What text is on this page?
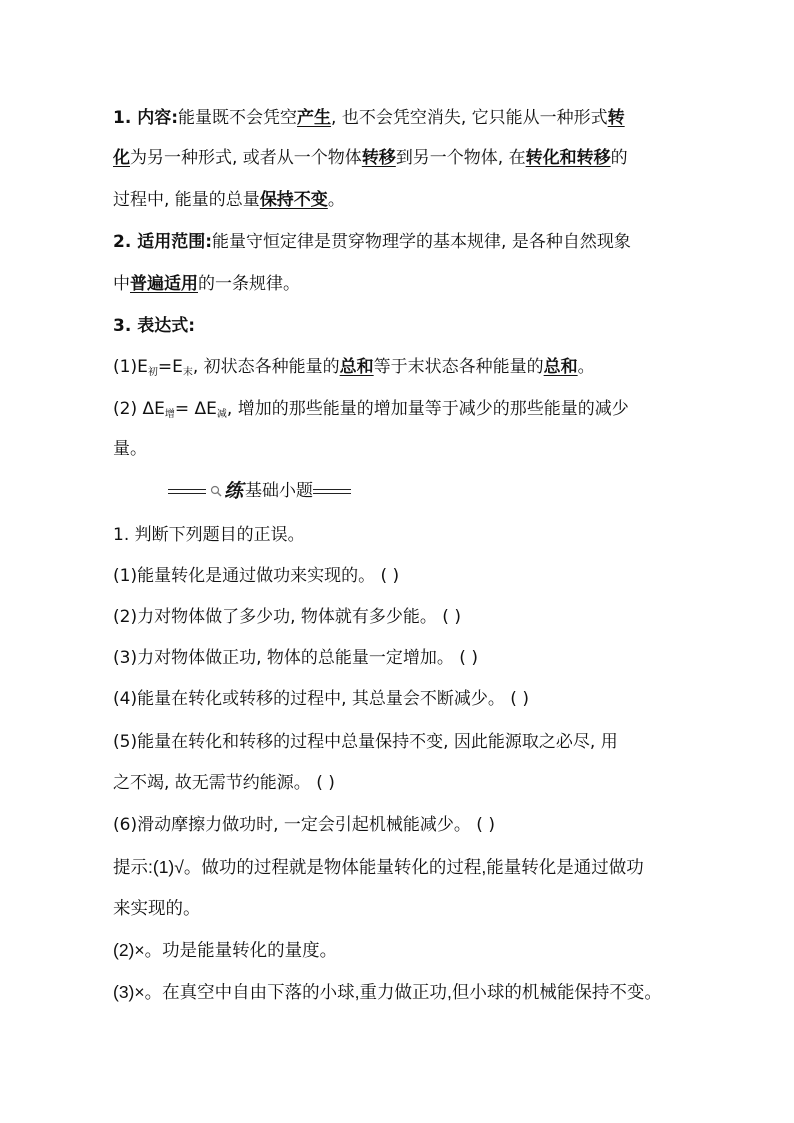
1. 内容:能量既不会凭空产生, 也不会凭空消失, 它只能从一种形式转
化为另一种形式, 或者从一个物体转移到另一个物体, 在转化和转移的
过程中, 能量的总量保持不变。
2. 适用范围:能量守恒定律是贯穿物理学的基本规律, 是各种自然现象
中普遍适用的一条规律。
3. 表达式:
$(1)E_初=E_末$, 初状态各种能量的总和等于末状态各种能量的总和。
(2) $\Delta E_增= \Delta E_减$, 增加的那些能量的增加量等于减少的那些能量的减少
量。
练 基础小题
1. 判断下列题目的正误。
(1)能量转化是通过做功来实现的。 ( )
(2)力对物体做了多少功, 物体就有多少能。 ( )
(3)力对物体做正功, 物体的总能量一定增加。 ( )
(4)能量在转化或转移的过程中, 其总量会不断减少。 ( )
(5)能量在转化和转移的过程中总量保持不变, 因此能源取之必尽, 用
之不竭, 故无需节约能源。 ( )
(6)滑动摩擦力做功时, 一定会引起机械能减少。 ( )
提示:(1)√。做功的过程就是物体能量转化的过程,能量转化是通过做功
来实现的。
(2)×。功是能量转化的量度。
(3)×。在真空中自由下落的小球,重力做正功,但小球的机械能保持不变。
